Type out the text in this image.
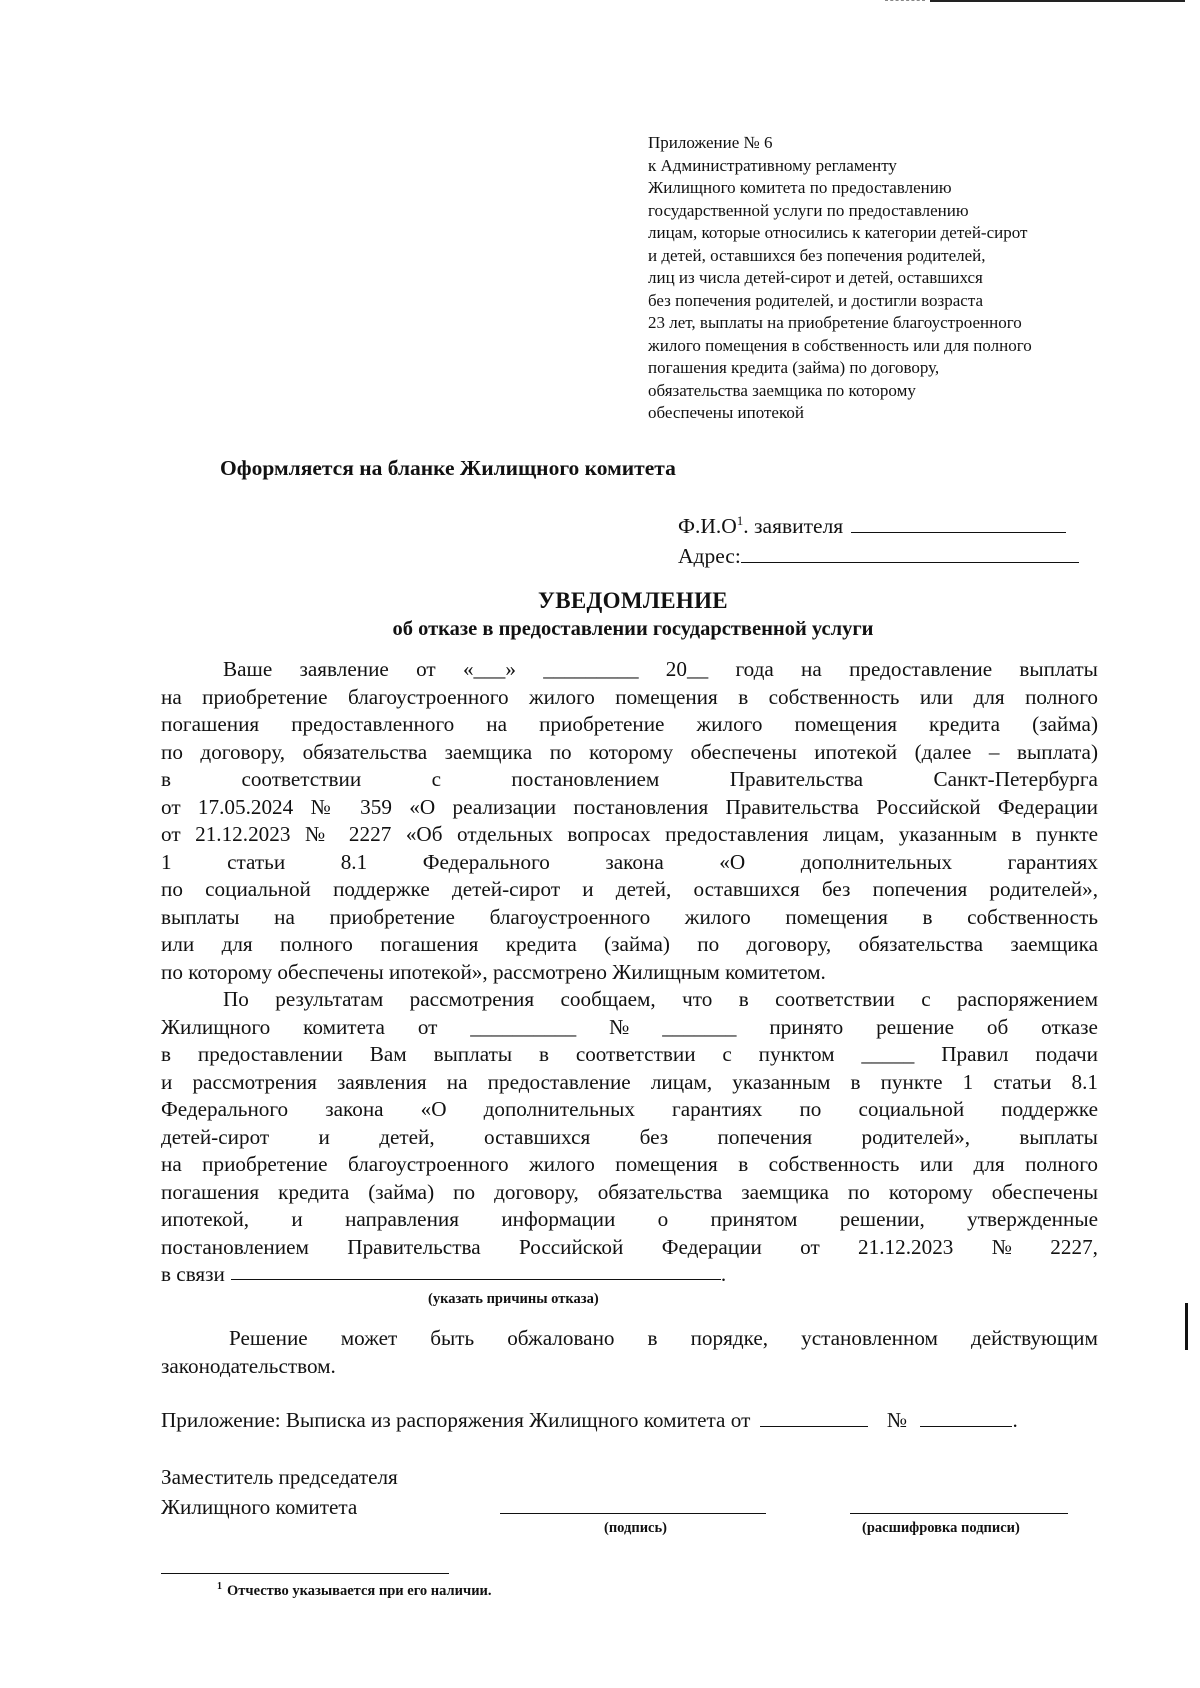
Приложение № 6
к Административному регламенту
Жилищного комитета по предоставлению
государственной услуги по предоставлению
лицам, которые относились к категории детей-сирот
и детей, оставшихся без попечения родителей,
лиц из числа детей-сирот и детей, оставшихся
без попечения родителей, и достигли возраста
23 лет, выплаты на приобретение благоустроенного
жилого помещения в собственность или для полного
погашения кредита (займа) по договору,
обязательства заемщика по которому
обеспечены ипотекой
Оформляется на бланке Жилищного комитета
$Ф.И.О^1$. заявителя
Адрес:
УВЕДОМЛЕНИЕ
об отказе в предоставлении государственной услуги
Ваше заявление от «___» _________ 20__ года на предоставление выплаты
на приобретение благоустроенного жилого помещения в собственность или для полного
погашения предоставленного на приобретение жилого помещения кредита (займа)
по договору, обязательства заемщика по которому обеспечены ипотекой (далее – выплата)
в	соответствии	с	постановлением	Правительства	Санкт-Петербурга
от 17.05.2024 № 359 «О реализации постановления Правительства Российской Федерации
от 21.12.2023 № 2227 «Об отдельных вопросах предоставления лицам, указанным в пункте
1	статьи	8.1	Федерального	закона	«О	дополнительных	гарантиях
по социальной поддержке детей-сирот и детей, оставшихся без попечения родителей»,
выплаты на приобретение благоустроенного жилого помещения в собственность
или для полного погашения кредита (займа) по договору, обязательства заемщика
по которому обеспечены ипотекой», рассмотрено Жилищным комитетом.
По результатам рассмотрения сообщаем, что в соответствии с распоряжением
Жилищного комитета от __________ № _______ принято решение об отказе
в предоставлении Вам выплаты в соответствии с пунктом _____ Правил подачи
и рассмотрения заявления на предоставление лицам, указанным в пункте 1 статьи 8.1
Федерального закона «О дополнительных гарантиях по социальной поддержке
детей-сирот и детей, оставшихся без попечения родителей», выплаты
на приобретение благоустроенного жилого помещения в собственность или для полного
погашения кредита (займа) по договору, обязательства заемщика по которому обеспечены
ипотекой, и направления информации о принятом решении, утвержденные
постановлением Правительства Российской Федерации от 21.12.2023 № 2227,
в связи	.
(указать причины отказа)
Решение может быть обжаловано в порядке, установленном действующим
законодательством.
Приложение: Выписка из распоряжения Жилищного комитета от	№	.
Заместитель председателя
Жилищного комитета
(подпись)	(расшифровка подписи)
$^1$ Отчество указывается при его наличии.
